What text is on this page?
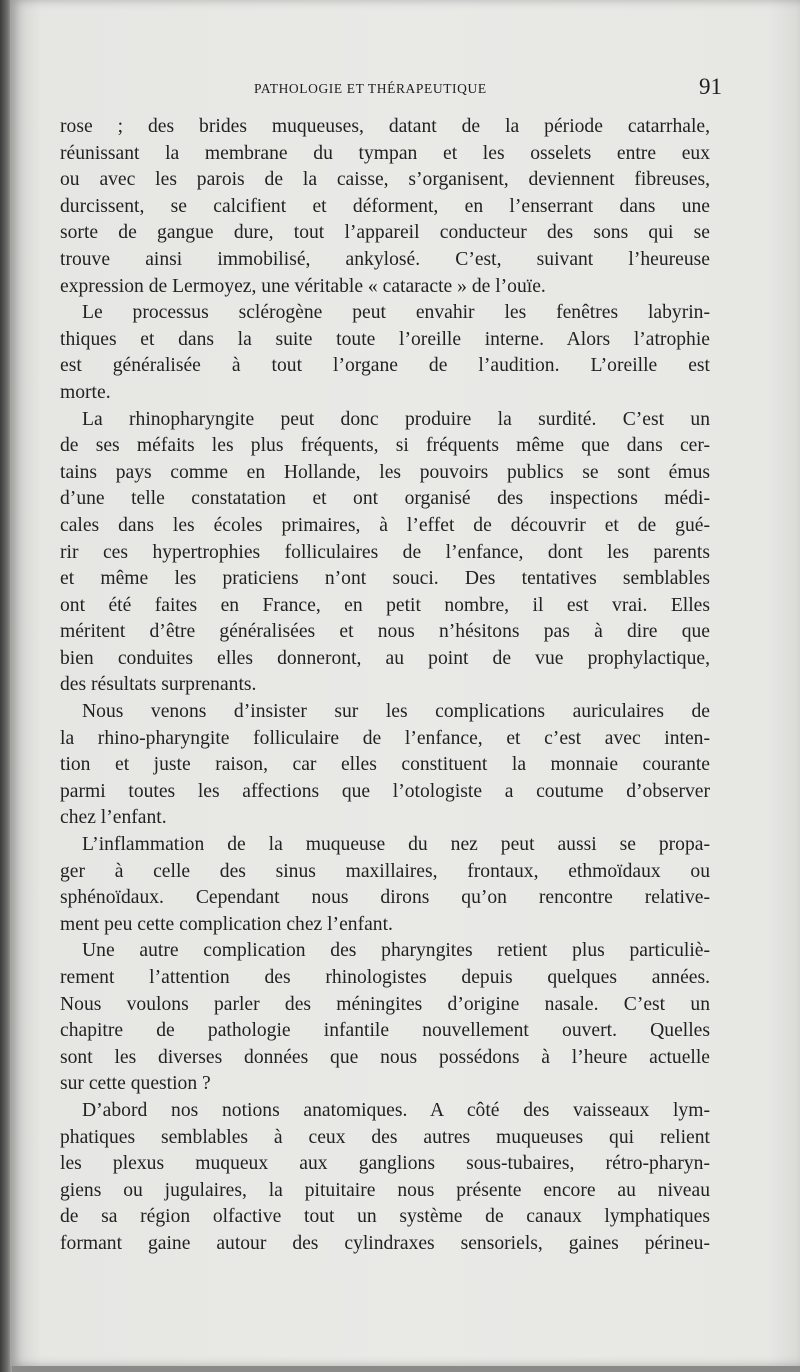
PATHOLOGIE ET THÉRAPEUTIQUE	91
rose ; des brides muqueuses, datant de la période catarrhale,
réunissant la membrane du tympan et les osselets entre eux
ou avec les parois de la caisse, s’organisent, deviennent fibreuses,
durcissent, se calcifient et déforment, en l’enserrant dans une
sorte de gangue dure, tout l’appareil conducteur des sons qui se
trouve ainsi immobilisé, ankylosé. C’est, suivant l’heureuse
expression de Lermoyez, une véritable « cataracte » de l’ouïe.
Le processus sclérogène peut envahir les fenêtres labyrin-
thiques et dans la suite toute l’oreille interne. Alors l’atrophie
est généralisée à tout l’organe de l’audition. L’oreille est
morte.
La rhinopharyngite peut donc produire la surdité. C’est un
de ses méfaits les plus fréquents, si fréquents même que dans cer-
tains pays comme en Hollande, les pouvoirs publics se sont émus
d’une telle constatation et ont organisé des inspections médi-
cales dans les écoles primaires, à l’effet de découvrir et de gué-
rir ces hypertrophies folliculaires de l’enfance, dont les parents
et même les praticiens n’ont souci. Des tentatives semblables
ont été faites en France, en petit nombre, il est vrai. Elles
méritent d’être généralisées et nous n’hésitons pas à dire que
bien conduites elles donneront, au point de vue prophylactique,
des résultats surprenants.
Nous venons d’insister sur les complications auriculaires de
la rhino-pharyngite folliculaire de l’enfance, et c’est avec inten-
tion et juste raison, car elles constituent la monnaie courante
parmi toutes les affections que l’otologiste a coutume d’observer
chez l’enfant.
L’inflammation de la muqueuse du nez peut aussi se propa-
ger à celle des sinus maxillaires, frontaux, ethmoïdaux ou
sphénoïdaux. Cependant nous dirons qu’on rencontre relative-
ment peu cette complication chez l’enfant.
Une autre complication des pharyngites retient plus particuliè-
rement l’attention des rhinologistes depuis quelques années.
Nous voulons parler des méningites d’origine nasale. C’est un
chapitre de pathologie infantile nouvellement ouvert. Quelles
sont les diverses données que nous possédons à l’heure actuelle
sur cette question ?
D’abord nos notions anatomiques. A côté des vaisseaux lym-
phatiques semblables à ceux des autres muqueuses qui relient
les plexus muqueux aux ganglions sous-tubaires, rétro-pharyn-
giens ou jugulaires, la pituitaire nous présente encore au niveau
de sa région olfactive tout un système de canaux lymphatiques
formant gaine autour des cylindraxes sensoriels, gaines périneu-
